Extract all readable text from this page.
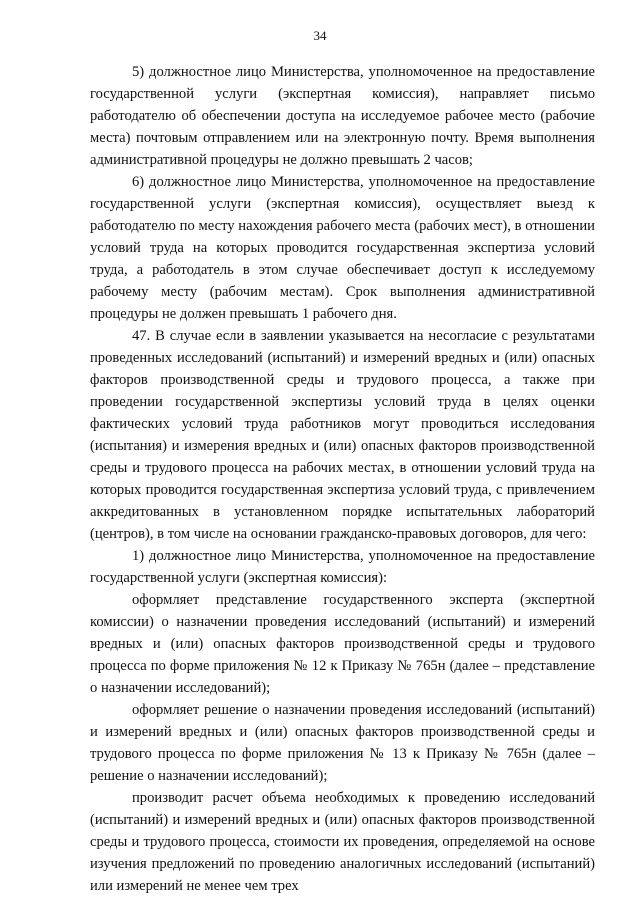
34

5) должностное лицо Министерства, уполномоченное на предоставление государственной услуги (экспертная комиссия), направляет письмо работодателю об обеспечении доступа на исследуемое рабочее место (рабочие места) почтовым отправлением или на электронную почту. Время выполнения административной процедуры не должно превышать 2 часов;

6) должностное лицо Министерства, уполномоченное на предоставление государственной услуги (экспертная комиссия), осуществляет выезд к работодателю по месту нахождения рабочего места (рабочих мест), в отношении условий труда на которых проводится государственная экспертиза условий труда, а работодатель в этом случае обеспечивает доступ к исследуемому рабочему месту (рабочим местам). Срок выполнения административной процедуры не должен превышать 1 рабочего дня.

47. В случае если в заявлении указывается на несогласие с результатами проведенных исследований (испытаний) и измерений вредных и (или) опасных факторов производственной среды и трудового процесса, а также при проведении государственной экспертизы условий труда в целях оценки фактических условий труда работников могут проводиться исследования (испытания) и измерения вредных и (или) опасных факторов производственной среды и трудового процесса на рабочих местах, в отношении условий труда на которых проводится государственная экспертиза условий труда, с привлечением аккредитованных в установленном порядке испытательных лабораторий (центров), в том числе на основании гражданско-правовых договоров, для чего:

1) должностное лицо Министерства, уполномоченное на предоставление государственной услуги (экспертная комиссия):

оформляет представление государственного эксперта (экспертной комиссии) о назначении проведения исследований (испытаний) и измерений вредных и (или) опасных факторов производственной среды и трудового процесса по форме приложения № 12 к Приказу № 765н (далее – представление о назначении исследований);

оформляет решение о назначении проведения исследований (испытаний) и измерений вредных и (или) опасных факторов производственной среды и трудового процесса по форме приложения № 13 к Приказу № 765н (далее – решение о назначении исследований);

производит расчет объема необходимых к проведению исследований (испытаний) и измерений вредных и (или) опасных факторов производственной среды и трудового процесса, стоимости их проведения, определяемой на основе изучения предложений по проведению аналогичных исследований (испытаний) или измерений не менее чем трех
